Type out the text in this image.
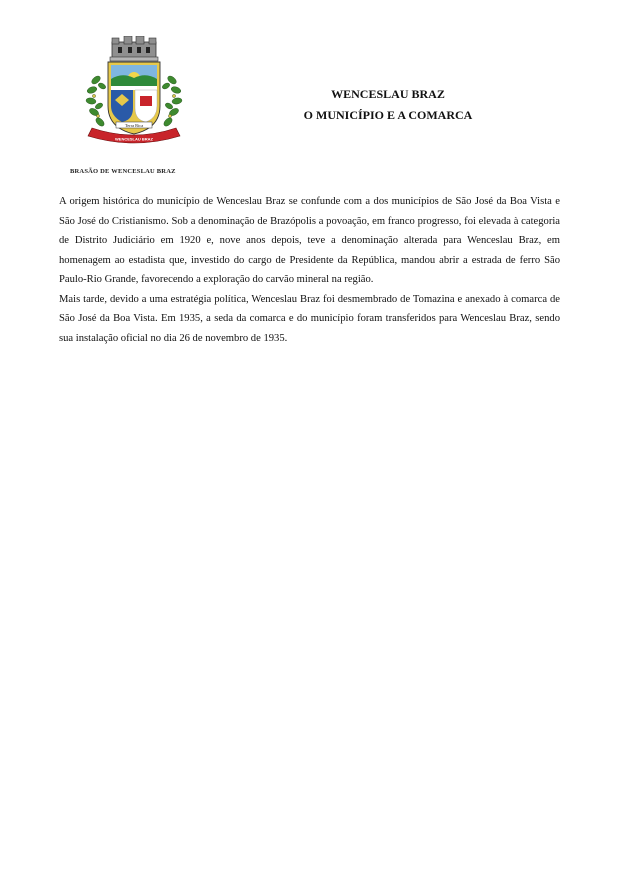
Terra Rica
WENCESLAU BRAZ
BRASÃO DE WENCESLAU BRAZ
WENCESLAU BRAZ
O MUNICÍPIO E A COMARCA

A origem histórica do município de Wenceslau Braz se confunde com a dos municípios de São José da Boa Vista e São José do Cristianismo. Sob a denominação de Brazópolis a povoação, em franco progresso, foi elevada à categoria de Distrito Judiciário em 1920 e, nove anos depois, teve a denominação alterada para Wenceslau Braz, em homenagem ao estadista que, investido do cargo de Presidente da República, mandou abrir a estrada de ferro São Paulo-Rio Grande, favorecendo a exploração do carvão mineral na região.

Mais tarde, devido a uma estratégia política, Wenceslau Braz foi desmembrado de Tomazina e anexado à comarca de São José da Boa Vista. Em 1935, a seda da comarca e do município foram transferidos para Wenceslau Braz, sendo sua instalação oficial no dia 26 de novembro de 1935.
